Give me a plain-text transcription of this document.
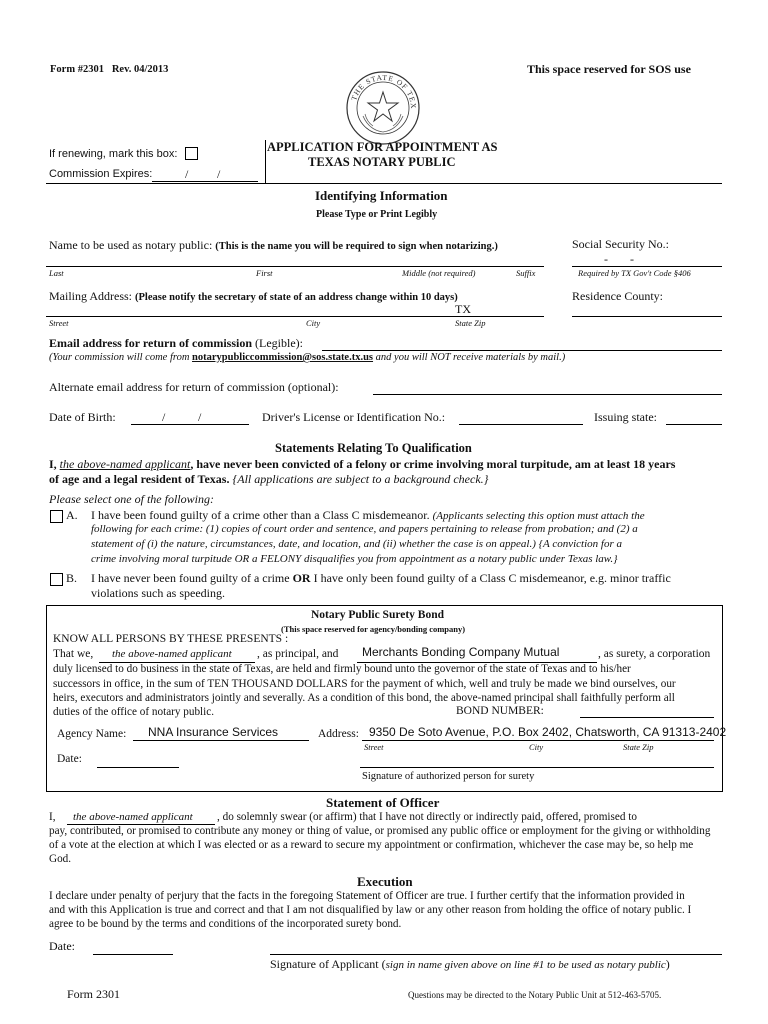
Form #2301 Rev. 04/2013	This space reserved for SOS use
THE STATE OF TEX
APPLICATION FOR APPOINTMENT AS
TEXAS NOTARY PUBLIC
If renewing, mark this box:
Commission Expires:	/ /
Identifying Information
Please Type or Print Legibly
Name to be used as notary public: (This is the name you will be required to sign when notarizing.)	Social Security No.:
- -
Last	First	Middle (not required)	Suffix	Required by TX Gov't Code §406
Mailing Address: (Please notify the secretary of state of an address change within 10 days)	Residence County:
TX
Street	City	State Zip
Email address for return of commission (Legible):
(Your commission will come from notarypubliccommission@sos.state.tx.us and you will NOT receive materials by mail.)
Alternate email address for return of commission (optional):
Date of Birth:	/	/	Driver's License or Identification No.:	Issuing state:
Statements Relating To Qualification
I, the above-named applicant, have never been convicted of a felony or crime involving moral turpitude, am at least 18 years
of age and a legal resident of Texas. {All applications are subject to a background check.}
Please select one of the following:
A. I have been found guilty of a crime other than a Class C misdemeanor. (Applicants selecting this option must attach the
following for each crime: (1) copies of court order and sentence, and papers pertaining to release from probation; and (2) a
statement of (i) the nature, circumstances, date, and location, and (ii) whether the case is on appeal.) {A conviction for a
crime involving moral turpitude OR a FELONY disqualifies you from appointment as a notary public under Texas law.}
B. I have never been found guilty of a crime OR I have only been found guilty of a Class C misdemeanor, e.g. minor traffic
violations such as speeding.
Notary Public Surety Bond
(This space reserved for agency/bonding company)
KNOW ALL PERSONS BY THESE PRESENTS :
That we, the above-named applicant , as principal, and Merchants Bonding Company Mutual	, as surety, a corporation
duly licensed to do business in the state of Texas, are held and firmly bound unto the governor of the state of Texas and to his/her
successors in office, in the sum of TEN THOUSAND DOLLARS for the payment of which, well and truly be made we bind ourselves, our
heirs, executors and administrators jointly and severally. As a condition of this bond, the above-named principal shall faithfully perform all
duties of the office of notary public.	BOND NUMBER:
Agency Name: NNA Insurance Services	Address: 9350 De Soto Avenue, P.O. Box 2402, Chatsworth, CA 91313-2402
Street	City	State Zip
Date:
Signature of authorized person for surety
Statement of Officer
I, the above-named applicant , do solemnly swear (or affirm) that I have not directly or indirectly paid, offered, promised to
pay, contributed, or promised to contribute any money or thing of value, or promised any public office or employment for the giving or withholding
of a vote at the election at which I was elected or as a reward to secure my appointment or confirmation, whichever the case may be, so help me
God.
Execution
I declare under penalty of perjury that the facts in the foregoing Statement of Officer are true. I further certify that the information provided in
and with this Application is true and correct and that I am not disqualified by law or any other reason from holding the office of notary public. I
agree to be bound by the terms and conditions of the incorporated surety bond.
Date:
Signature of Applicant (sign in name given above on line #1 to be used as notary public)
Form 2301	Questions may be directed to the Notary Public Unit at 512-463-5705.
